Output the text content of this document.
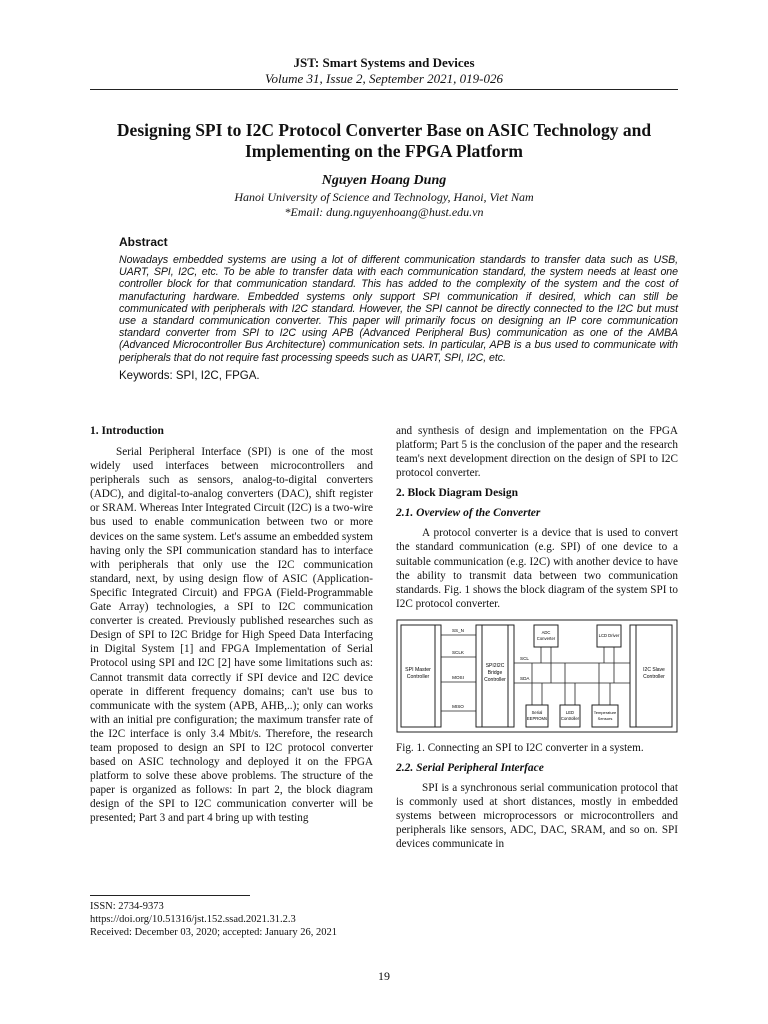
JST: Smart Systems and Devices
Volume 31, Issue 2, September 2021, 019-026
Designing SPI to I2C Protocol Converter Base on ASIC Technology and Implementing on the FPGA Platform
Nguyen Hoang Dung
Hanoi University of Science and Technology, Hanoi, Viet Nam
*Email: dung.nguyenhoang@hust.edu.vn
Abstract
Nowadays embedded systems are using a lot of different communication standards to transfer data such as USB, UART, SPI, I2C, etc. To be able to transfer data with each communication standard, the system needs at least one controller block for that communication standard. This has added to the complexity of the system and the cost of manufacturing hardware. Embedded systems only support SPI communication if desired, which can still be communicated with peripherals with I2C standard. However, the SPI cannot be directly connected to the I2C but must use a standard communication converter. This paper will primarily focus on designing an IP core communication standard converter from SPI to I2C using APB (Advanced Peripheral Bus) communication as one of the AMBA (Advanced Microcontroller Bus Architecture) communication sets. In particular, APB is a bus used to communicate with peripherals that do not require fast processing speeds such as UART, SPI, I2C, etc.
Keywords: SPI, I2C, FPGA.
1. Introduction

Serial Peripheral Interface (SPI) is one of the most widely used interfaces between microcontrollers and peripherals such as sensors, analog-to-digital converters (ADC), and digital-to-analog converters (DAC), shift register or SRAM. Whereas Inter Integrated Circuit (I2C) is a two-wire bus used to enable communication between two or more devices on the same system. Let's assume an embedded system having only the SPI communication standard has to interface with peripherals that only use the I2C communication standard, next, by using design flow of ASIC (Application-Specific Integrated Circuit) and FPGA (Field-Programmable Gate Array) technologies, a SPI to I2C communication converter is created. Previously published researches such as Design of SPI to I2C Bridge for High Speed Data Interfacing in Digital System [1] and FPGA Implementation of Serial Protocol using SPI and I2C [2] have some limitations such as: Cannot transmit data correctly if SPI device and I2C device operate in different frequency domains; can't use bus to communicate with the system (APB, AHB,..); only can works with an initial pre configuration; the maximum transfer rate of the I2C interface is only 3.4 Mbit/s. Therefore, the research team proposed to design an SPI to I2C protocol converter based on ASIC technology and deployed it on the FPGA platform to solve these above problems. The structure of the paper is organized as follows: In part 2, the block diagram design of the SPI to I2C communication converter will be presented; Part 3 and part 4 bring up with testing

and synthesis of design and implementation on the FPGA platform; Part 5 is the conclusion of the paper and the research team's next development direction on the design of SPI to I2C protocol converter.

2. Block Diagram Design
2.1. Overview of the Converter

A protocol converter is a device that is used to convert the standard communication (e.g. SPI) of one device to a suitable communication (e.g. I2C) with another device to have the ability to transmit data between two communication standards. Fig. 1 shows the block diagram of the system SPI to I2C protocol converter.

SPI Master
Controller
SPI2I2C
Bridge
Controller
SS_N
SCLK
MOSI
MISO
SCL
SDA
I2C Slave
Controller
ADC
Converter
LCD Driver
Serial
EEPROMs
LED
Controller
Temperature
Sensors
Fig. 1. Connecting an SPI to I2C converter in a system.
2.2. Serial Peripheral Interface

SPI is a synchronous serial communication protocol that is commonly used at short distances, mostly in embedded systems between microprocessors or microcontrollers and peripherals like sensors, ADC, DAC, SRAM, and so on. SPI devices communicate in

ISSN: 2734-9373
https://doi.org/10.51316/jst.152.ssad.2021.31.2.3
Received: December 03, 2020; accepted: January 26, 2021
19
